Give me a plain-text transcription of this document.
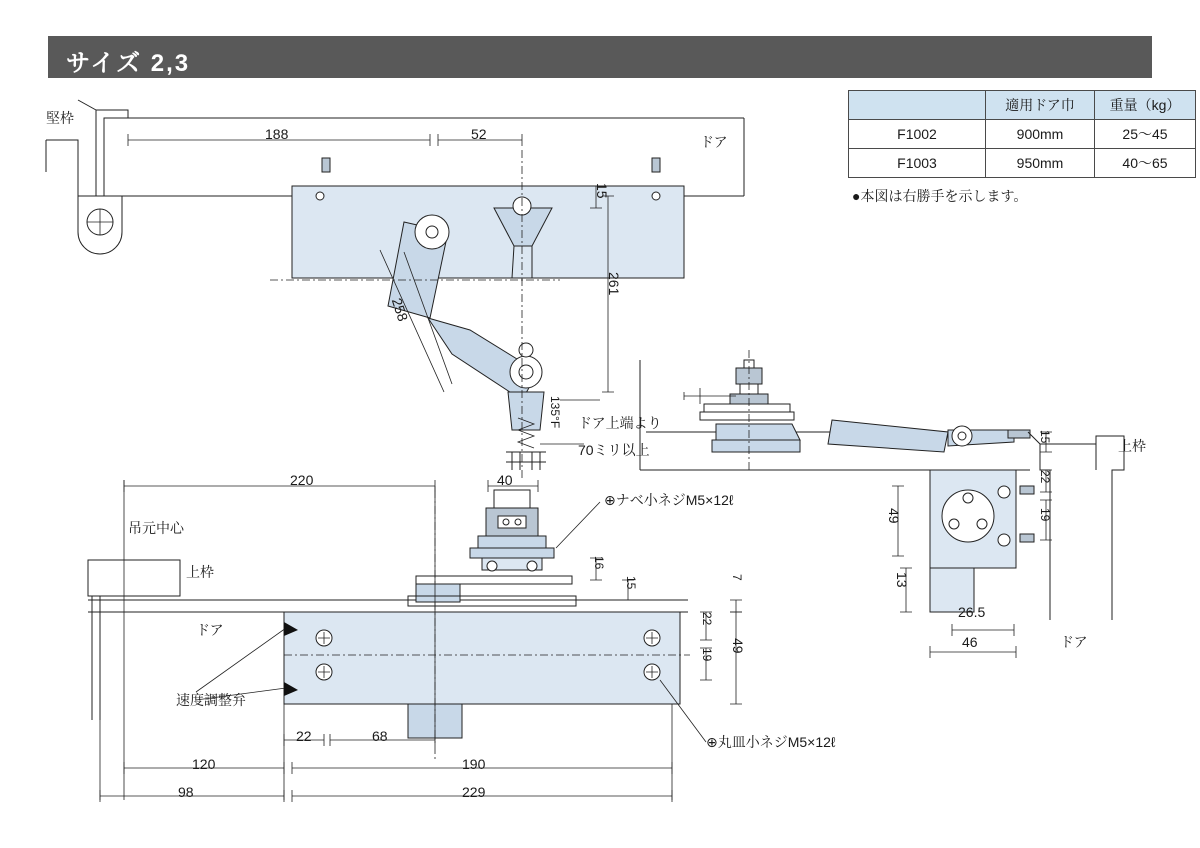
サイズ 2,3
	適用ドア巾	重量（kg）
F1002	900mm	25〜45
F1003	950mm	40〜65
●本図は右勝手を示します。
堅枠
ドア
188	52
15
261
258
135°F ドア上端より
70ミリ以上	上枠
ドア
15
22
19
49
13
26.5
46
220	40
吊元中心
上枠
ドア
速度調整弁
⊕ナベ小ネジM5×12ℓ
⊕丸皿小ネジM5×12ℓ
16
15	7
22
19
49
22	68
120	190
98	229
